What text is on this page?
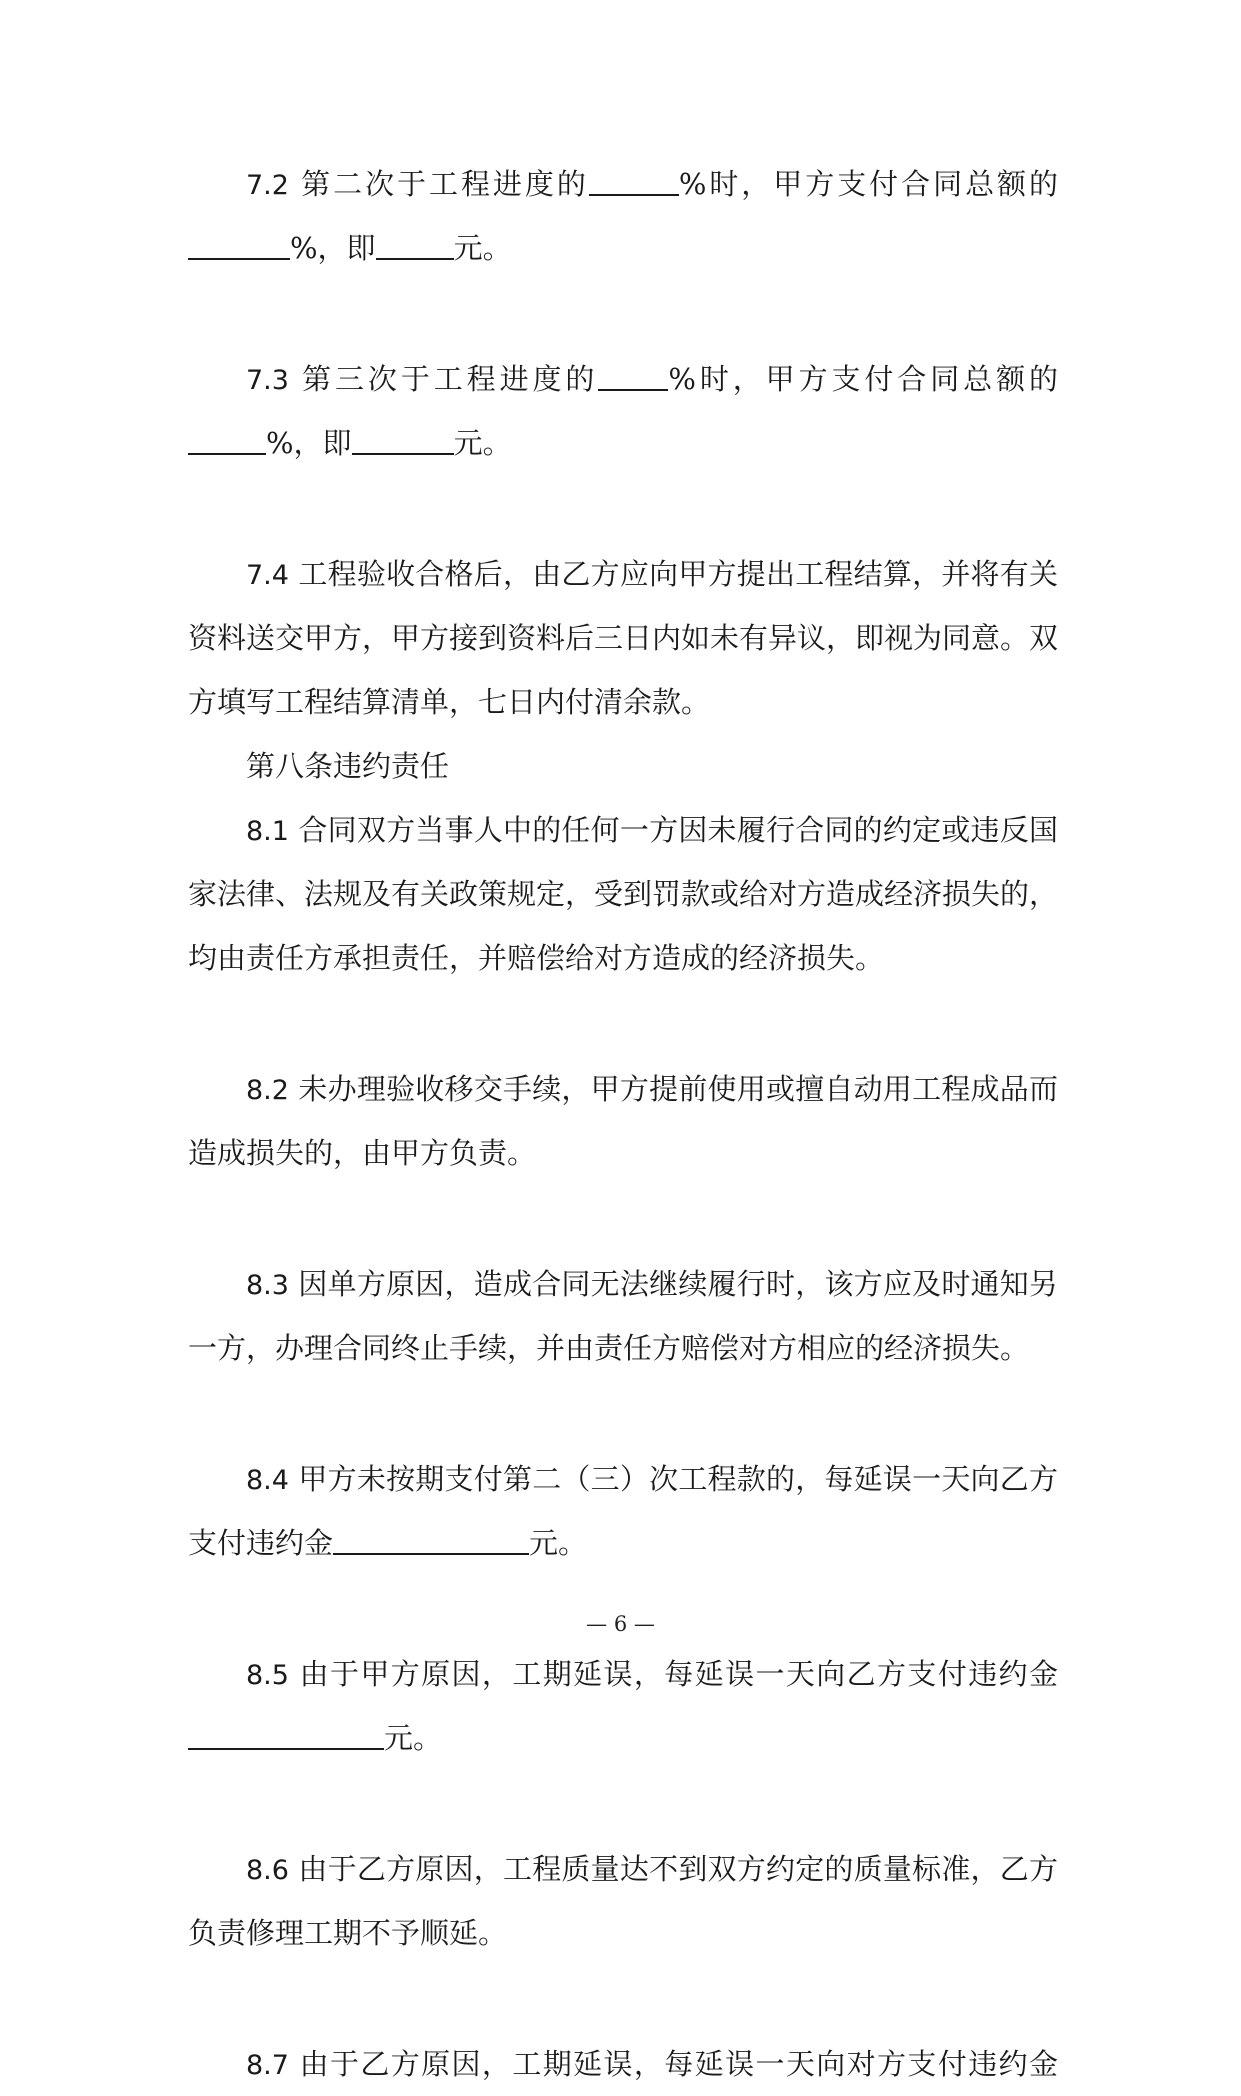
7.2 第二次于工程进度的	%时，甲方支付合同总额的
%，即	元。
7.3 第三次于工程进度的 %时，甲方支付合同总额的
%，即	元。
7.4 工程验收合格后，由乙方应向甲方提出工程结算，并将有关
资料送交甲方，甲方接到资料后三日内如未有异议，即视为同意。双
方填写工程结算清单，七日内付清余款。
第八条违约责任
8.1 合同双方当事人中的任何一方因未履行合同的约定或违反国
家法律、法规及有关政策规定，受到罚款或给对方造成经济损失的，
均由责任方承担责任，并赔偿给对方造成的经济损失。
8.2 未办理验收移交手续，甲方提前使用或擅自动用工程成品而
造成损失的，由甲方负责。
8.3 因单方原因，造成合同无法继续履行时，该方应及时通知另
一方，办理合同终止手续，并由责任方赔偿对方相应的经济损失。
8.4 甲方未按期支付第二（三）次工程款的，每延误一天向乙方
支付违约金	元。
8.5 由于甲方原因，工期延误，每延误一天向乙方支付违约金
元。
8.6 由于乙方原因，工程质量达不到双方约定的质量标准，乙方
负责修理工期不予顺延。
8.7 由于乙方原因，工期延误，每延误一天向对方支付违约金
— 6 —
